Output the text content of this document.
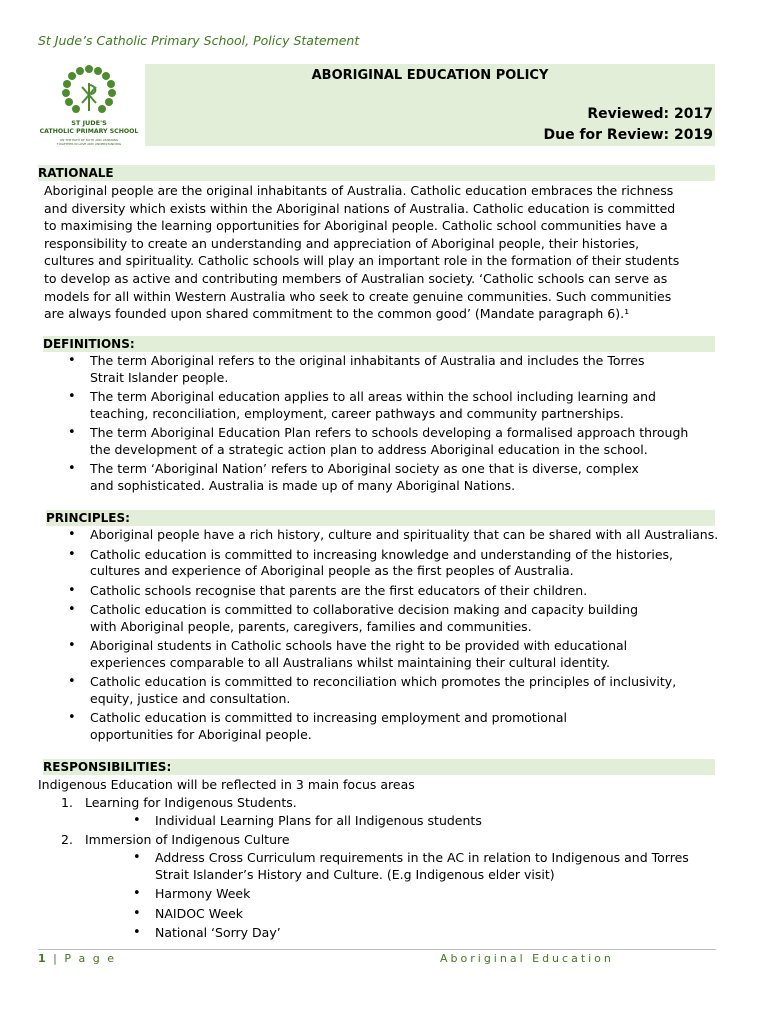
St Jude’s Catholic Primary School, Policy Statement
ST JUDE'S
CATHOLIC PRIMARY SCHOOL
ON THE PATH OF FAITH AND LEARNING
TOGETHER IN LOVE AND UNDERSTANDING
ABORIGINAL EDUCATION POLICY
Reviewed: 2017
Due for Review: 2019
RATIONALE
Aboriginal people are the original inhabitants of Australia. Catholic education embraces the richness
and diversity which exists within the Aboriginal nations of Australia. Catholic education is committed
to maximising the learning opportunities for Aboriginal people. Catholic school communities have a
responsibility to create an understanding and appreciation of Aboriginal people, their histories,
cultures and spirituality. Catholic schools will play an important role in the formation of their students
to develop as active and contributing members of Australian society. ‘Catholic schools can serve as
models for all within Western Australia who seek to create genuine communities. Such communities
are always founded upon shared commitment to the common good’ (Mandate paragraph 6).¹
DEFINITIONS:
• The term Aboriginal refers to the original inhabitants of Australia and includes the Torres
Strait Islander people.
• The term Aboriginal education applies to all areas within the school including learning and
teaching, reconciliation, employment, career pathways and community partnerships.
• The term Aboriginal Education Plan refers to schools developing a formalised approach through
the development of a strategic action plan to address Aboriginal education in the school.
• The term ‘Aboriginal Nation’ refers to Aboriginal society as one that is diverse, complex
and sophisticated. Australia is made up of many Aboriginal Nations.
PRINCIPLES:
• Aboriginal people have a rich history, culture and spirituality that can be shared with all Australians.
• Catholic education is committed to increasing knowledge and understanding of the histories,
cultures and experience of Aboriginal people as the first peoples of Australia.
• Catholic schools recognise that parents are the first educators of their children.
• Catholic education is committed to collaborative decision making and capacity building
with Aboriginal people, parents, caregivers, families and communities.
• Aboriginal students in Catholic schools have the right to be provided with educational
experiences comparable to all Australians whilst maintaining their cultural identity.
• Catholic education is committed to reconciliation which promotes the principles of inclusivity,
equity, justice and consultation.
• Catholic education is committed to increasing employment and promotional
opportunities for Aboriginal people.
RESPONSIBILITIES:
Indigenous Education will be reflected in 3 main focus areas
1. Learning for Indigenous Students.
• Individual Learning Plans for all Indigenous students
2. Immersion of Indigenous Culture
• Address Cross Curriculum requirements in the AC in relation to Indigenous and Torres
Strait Islander’s History and Culture. (E.g Indigenous elder visit)
• Harmony Week
• NAIDOC Week
• National ‘Sorry Day’
1 | P a g e	Aboriginal Education
